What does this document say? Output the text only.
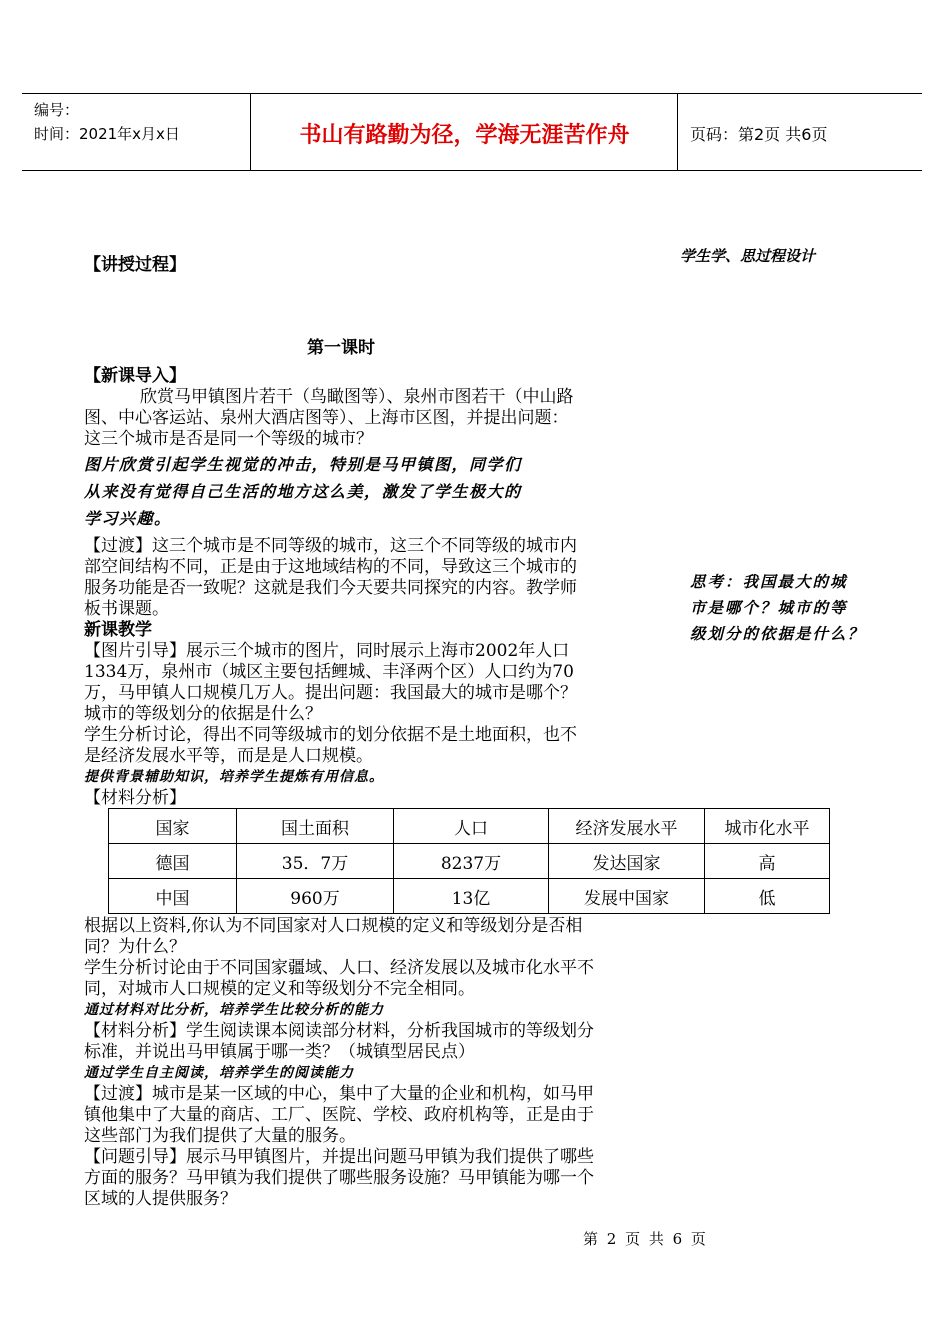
编号：
时间：2021年x月x日	书山有路勤为径，学海无涯苦作舟	页码：第2页 共6页
【讲授过程】	学生学、思过程设计
第一课时
【新课导入】
欣赏马甲镇图片若干（鸟瞰图等）、泉州市图若干（中山路
图、中心客运站、泉州大酒店图等）、上海市区图，并提出问题：
这三个城市是否是同一个等级的城市？
图片欣赏引起学生视觉的冲击，特别是马甲镇图，同学们
从来没有觉得自己生活的地方这么美，激发了学生极大的
学习兴趣。
【过渡】这三个城市是不同等级的城市，这三个不同等级的城市内
部空间结构不同，正是由于这地域结构的不同，导致这三个城市的
服务功能是否一致呢？这就是我们今天要共同探究的内容。教学师
板书课题。
新课教学
【图片引导】展示三个城市的图片，同时展示上海市2002年人口
1334万，泉州市（城区主要包括鲤城、丰泽两个区）人口约为70
万，马甲镇人口规模几万人。提出问题：我国最大的城市是哪个？
城市的等级划分的依据是什么？
学生分析讨论，得出不同等级城市的划分依据不是土地面积，也不
是经济发展水平等，而是是人口规模。
提供背景辅助知识，培养学生提炼有用信息。
【材料分析】
国家	国土面积	人口	经济发展水平	城市化水平
德国	35．7万	8237万	发达国家	高
中国	960万	13亿	发展中国家	低
根据以上资料,你认为不同国家对人口规模的定义和等级划分是否相
同？为什么？
学生分析讨论由于不同国家疆域、人口、经济发展以及城市化水平不
同，对城市人口规模的定义和等级划分不完全相同。
通过材料对比分析，培养学生比较分析的能力
【材料分析】学生阅读课本阅读部分材料，分析我国城市的等级划分
标准，并说出马甲镇属于哪一类？（城镇型居民点）
通过学生自主阅读，培养学生的阅读能力
【过渡】城市是某一区域的中心，集中了大量的企业和机构，如马甲
镇他集中了大量的商店、工厂、医院、学校、政府机构等，正是由于
这些部门为我们提供了大量的服务。
【问题引导】展示马甲镇图片，并提出问题马甲镇为我们提供了哪些
方面的服务？马甲镇为我们提供了哪些服务设施？马甲镇能为哪一个
区域的人提供服务？
思考：我国最大的城
市是哪个？城市的等
级划分的依据是什么？
第 2 页 共 6 页
